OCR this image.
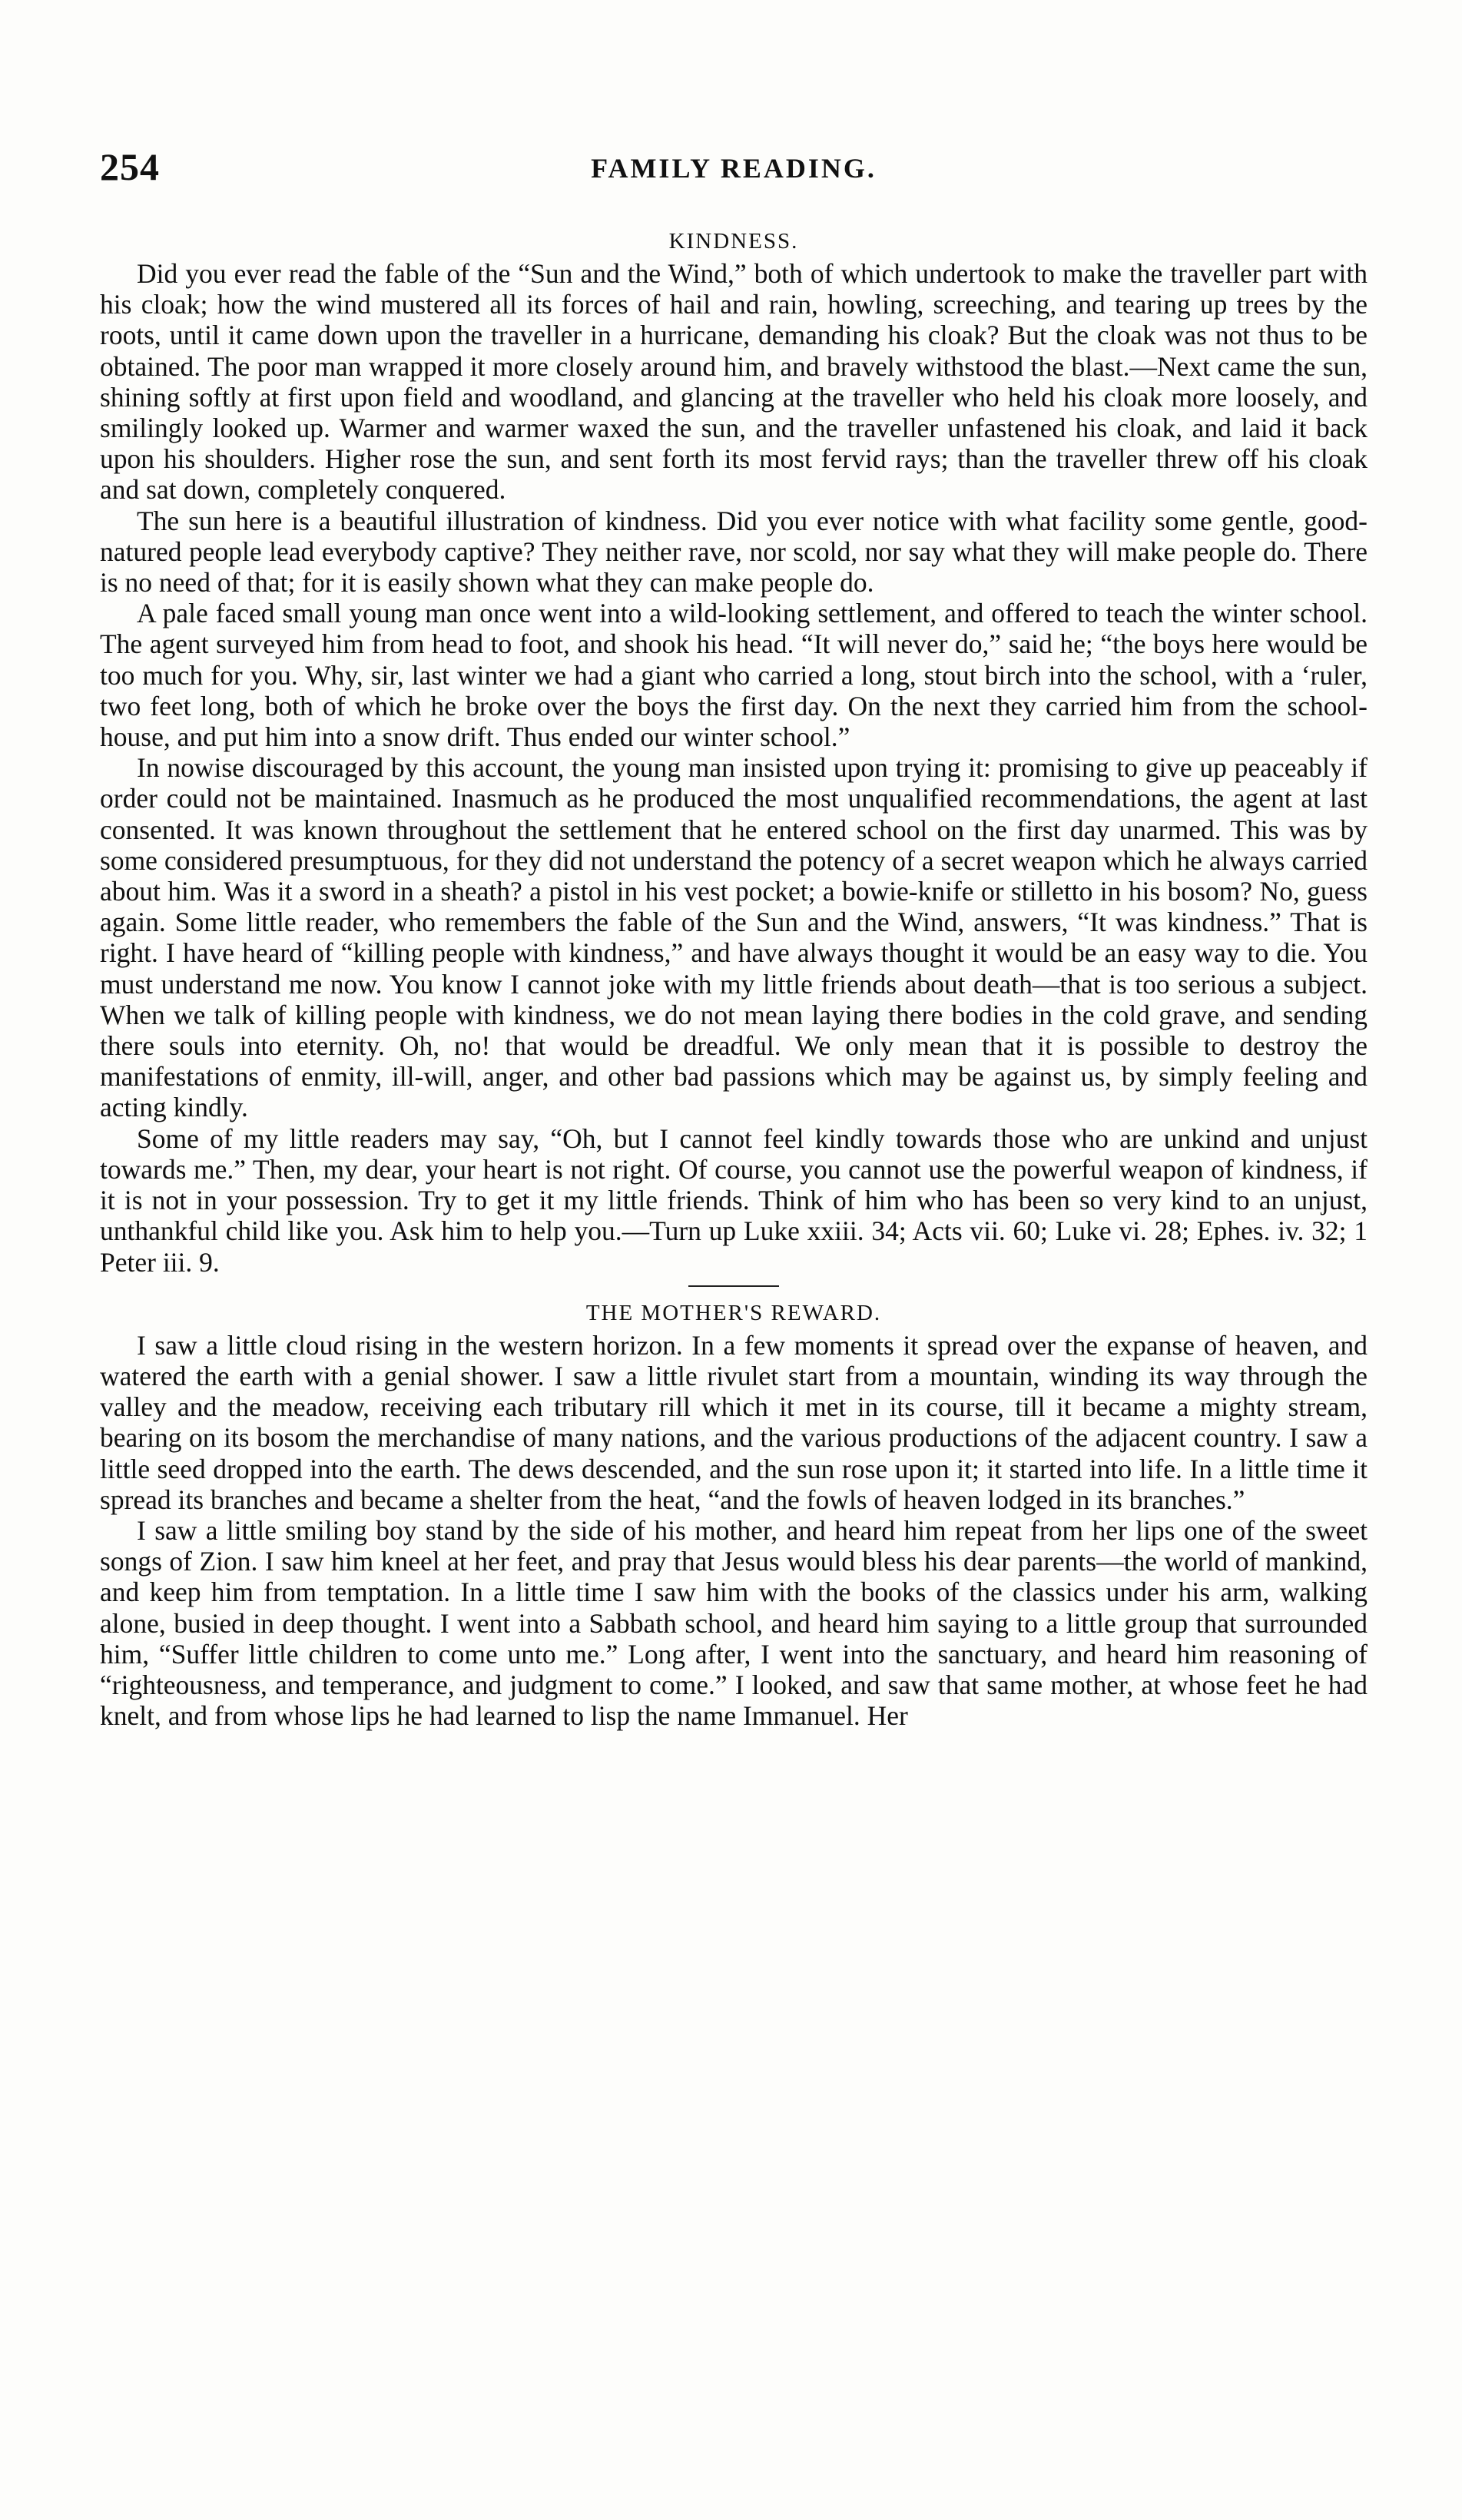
254	FAMILY READING.
KINDNESS.

Did you ever read the fable of the “Sun and the Wind,” both of which undertook to make the traveller part with his cloak; how the wind mustered all its forces of hail and rain, howling, screeching, and tearing up trees by the roots, until it came down upon the traveller in a hurricane, demanding his cloak? But the cloak was not thus to be obtained. The poor man wrapped it more closely around him, and bravely withstood the blast.—Next came the sun, shining softly at first upon field and woodland, and glancing at the traveller who held his cloak more loosely, and smilingly looked up. Warmer and warmer waxed the sun, and the traveller unfastened his cloak, and laid it back upon his shoulders. Higher rose the sun, and sent forth its most fervid rays; than the traveller threw off his cloak and sat down, completely conquered.

The sun here is a beautiful illustration of kindness. Did you ever notice with what facility some gentle, good-natured people lead everybody captive? They neither rave, nor scold, nor say what they will make people do. There is no need of that; for it is easily shown what they can make people do.

A pale faced small young man once went into a wild-looking settlement, and offered to teach the winter school. The agent surveyed him from head to foot, and shook his head. “It will never do,” said he; “the boys here would be too much for you. Why, sir, last winter we had a giant who carried a long, stout birch into the school, with a ‘ruler, two feet long, both of which he broke over the boys the first day. On the next they carried him from the school-house, and put him into a snow drift. Thus ended our winter school.”

In nowise discouraged by this account, the young man insisted upon trying it: promising to give up peaceably if order could not be maintained. Inasmuch as he produced the most unqualified recommendations, the agent at last consented. It was known throughout the settlement that he entered school on the first day unarmed. This was by some considered presumptuous, for they did not understand the potency of a secret weapon which he always carried about him. Was it a sword in a sheath? a pistol in his vest pocket; a bowie-knife or stilletto in his bosom? No, guess again. Some little reader, who remembers the fable of the Sun and the Wind, answers, “It was kindness.” That is right. I have heard of “killing people with kindness,” and have always thought it would be an easy way to die. You must understand me now. You know I cannot joke with my little friends about death—that is too serious a subject. When we talk of killing people with kindness, we do not mean laying there bodies in the cold grave, and sending there souls into eternity. Oh, no! that would be dreadful. We only mean that it is possible to destroy the manifestations of enmity, ill-will, anger, and other bad passions which may be against us, by simply feeling and acting kindly.

Some of my little readers may say, “Oh, but I cannot feel kindly towards those who are unkind and unjust towards me.” Then, my dear, your heart is not right. Of course, you cannot use the powerful weapon of kindness, if it is not in your possession. Try to get it my little friends. Think of him who has been so very kind to an unjust, unthankful child like you. Ask him to help you.—Turn up Luke xxiii. 34; Acts vii. 60; Luke vi. 28; Ephes. iv. 32; 1 Peter iii. 9.

THE MOTHER'S REWARD.

I saw a little cloud rising in the western horizon. In a few moments it spread over the expanse of heaven, and watered the earth with a genial shower. I saw a little rivulet start from a mountain, winding its way through the valley and the meadow, receiving each tributary rill which it met in its course, till it became a mighty stream, bearing on its bosom the merchandise of many nations, and the various productions of the adjacent country. I saw a little seed dropped into the earth. The dews descended, and the sun rose upon it; it started into life. In a little time it spread its branches and became a shelter from the heat, “and the fowls of heaven lodged in its branches.”

I saw a little smiling boy stand by the side of his mother, and heard him repeat from her lips one of the sweet songs of Zion. I saw him kneel at her feet, and pray that Jesus would bless his dear parents—the world of mankind, and keep him from temptation. In a little time I saw him with the books of the classics under his arm, walking alone, busied in deep thought. I went into a Sabbath school, and heard him saying to a little group that surrounded him, “Suffer little children to come unto me.” Long after, I went into the sanctuary, and heard him reasoning of “righteousness, and temperance, and judgment to come.” I looked, and saw that same mother, at whose feet he had knelt, and from whose lips he had learned to lisp the name Immanuel. Her
